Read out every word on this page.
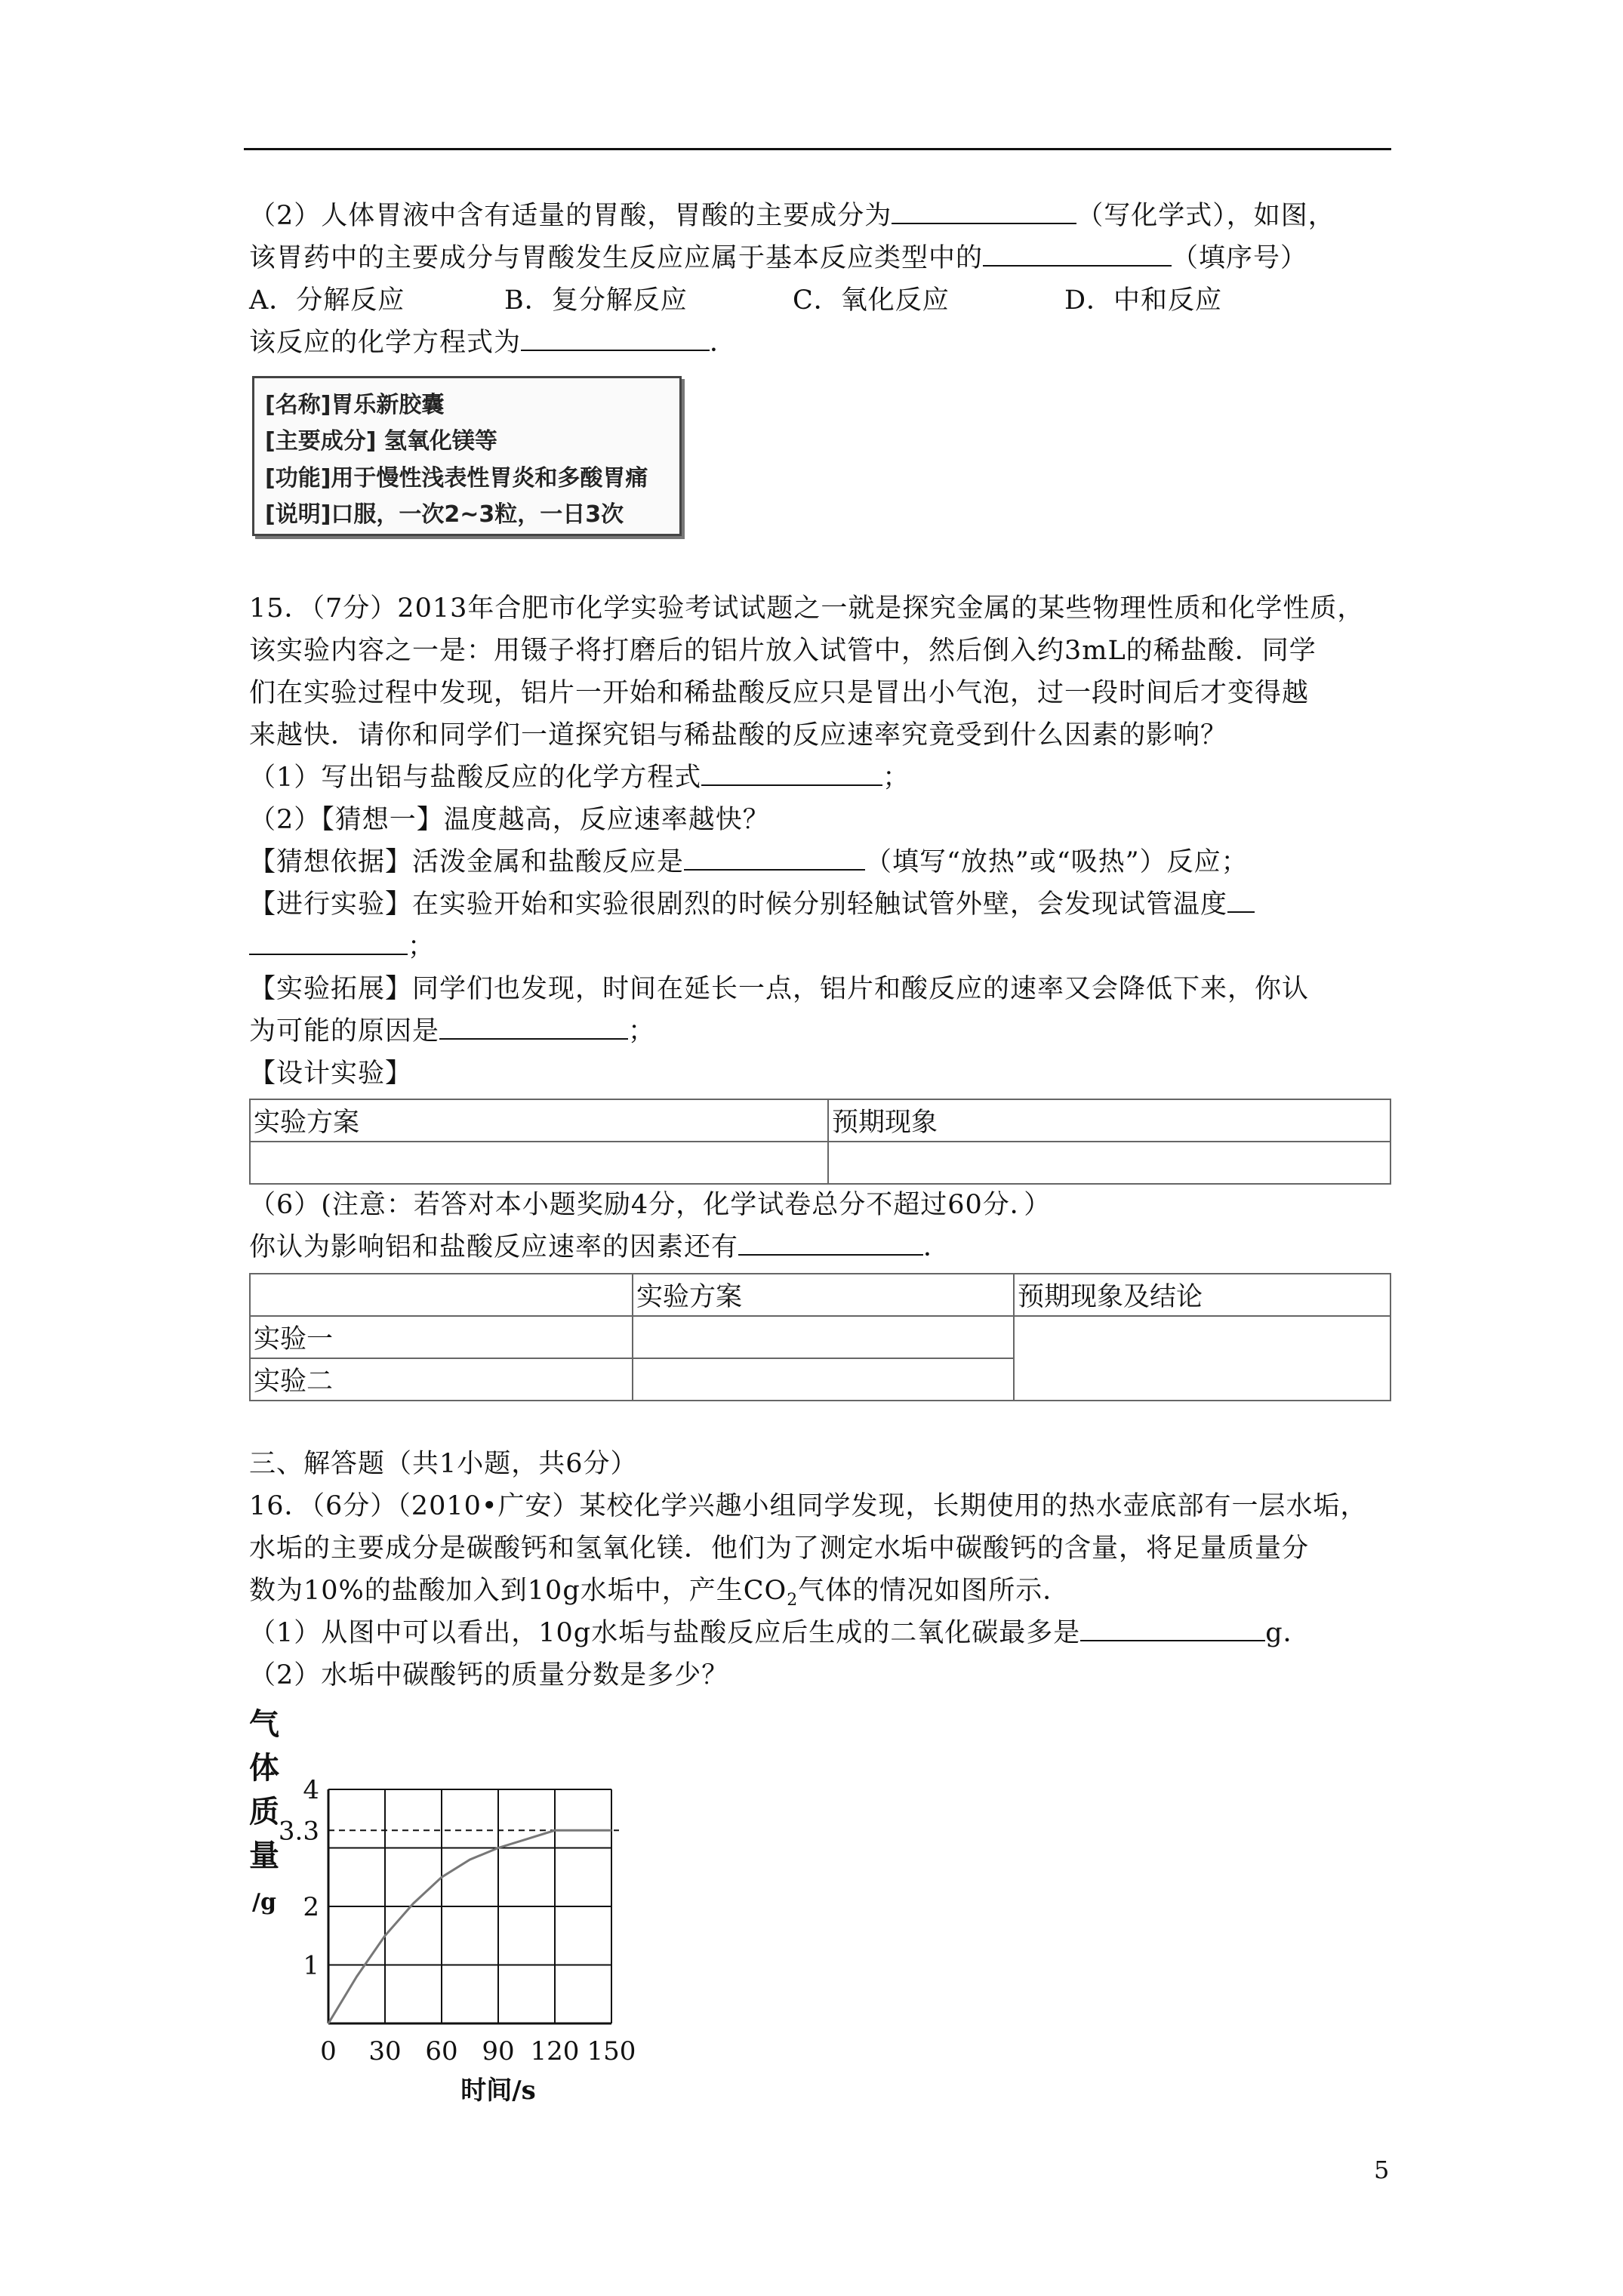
（2）人体胃液中含有适量的胃酸，胃酸的主要成分为	（写化学式），如图，
该胃药中的主要成分与胃酸发生反应应属于基本反应类型中的	（填序号）
A．分解反应	B．复分解反应	C．氧化反应	D．中和反应
该反应的化学方程式为	．
[名称]胃乐新胶囊
[主要成分] 氢氧化镁等
[功能]用于慢性浅表性胃炎和多酸胃痛
[说明]口服，一次2~3粒，一日3次
15．（7分）2013年合肥市化学实验考试试题之一就是探究金属的某些物理性质和化学性质，
该实验内容之一是：用镊子将打磨后的铝片放入试管中，然后倒入约3mL的稀盐酸．同学
们在实验过程中发现，铝片一开始和稀盐酸反应只是冒出小气泡，过一段时间后才变得越
来越快．请你和同学们一道探究铝与稀盐酸的反应速率究竟受到什么因素的影响？
（1）写出铝与盐酸反应的化学方程式	；
（2）【猜想一】温度越高，反应速率越快？
【猜想依据】活泼金属和盐酸反应是	（填写“放热”或“吸热”）反应；
【进行实验】在实验开始和实验很剧烈的时候分别轻触试管外壁，会发现试管温度
；
【实验拓展】同学们也发现，时间在延长一点，铝片和酸反应的速率又会降低下来，你认
为可能的原因是	；
【设计实验】
实验方案	预期现象

（6）(注意：若答对本小题奖励4分，化学试卷总分不超过60分．）
你认为影响铝和盐酸反应速率的因素还有	．
	实验方案	预期现象及结论
实验一		
实验二		
三、解答题（共1小题，共6分）
16．（6分）（2010•广安）某校化学兴趣小组同学发现，长期使用的热水壶底部有一层水垢，
水垢的主要成分是碳酸钙和氢氧化镁．他们为了测定水垢中碳酸钙的含量，将足量质量分
数为10%的盐酸加入到10g水垢中，产生$CO_2$气体的情况如图所示．
（1）从图中可以看出，10g水垢与盐酸反应后生成的二氧化碳最多是	g．
（2）水垢中碳酸钙的质量分数是多少？
气
体
质
量
/g
1
2
3.3
4
0 30 60 90 120 150
时间/s
5
